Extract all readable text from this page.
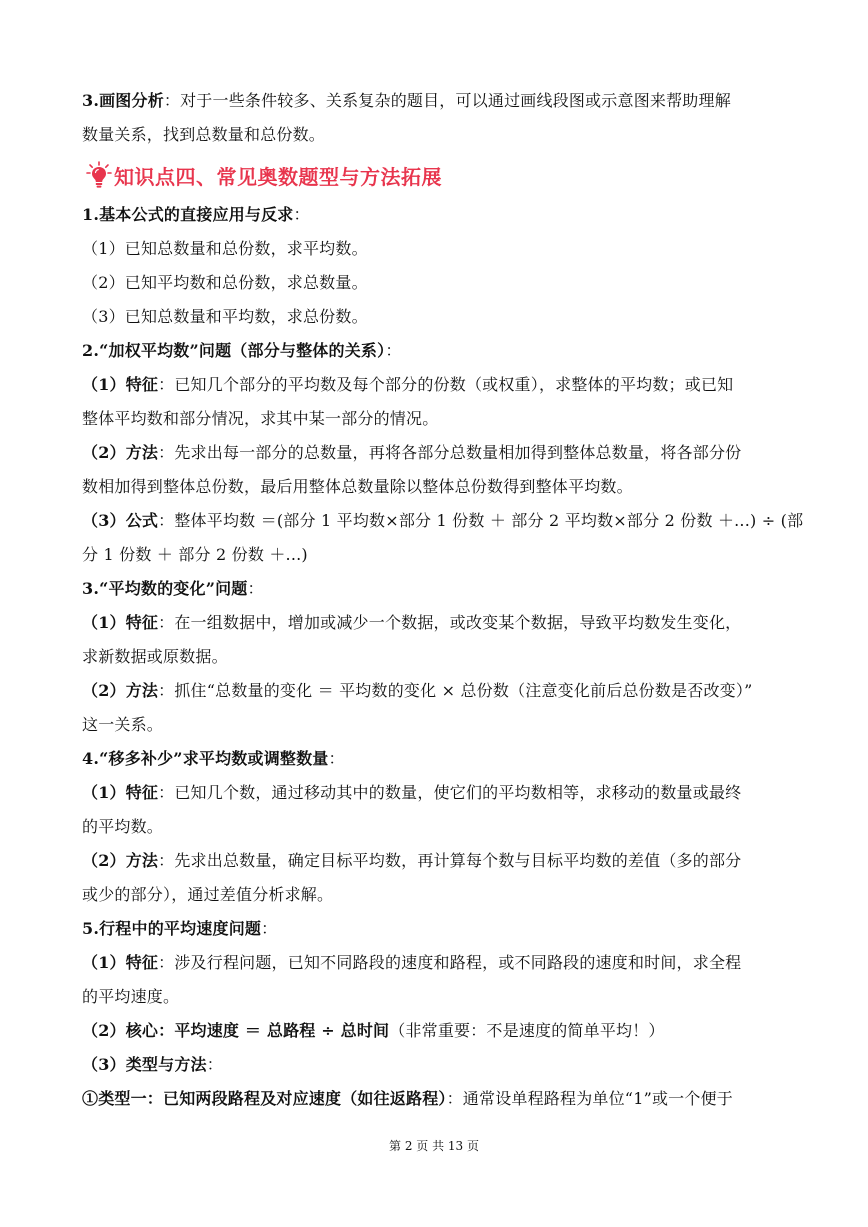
3.画图分析：对于一些条件较多、关系复杂的题目，可以通过画线段图或示意图来帮助理解
数量关系，找到总数量和总份数。
知识点四、常见奥数题型与方法拓展
1.基本公式的直接应用与反求：
（1）已知总数量和总份数，求平均数。
（2）已知平均数和总份数，求总数量。
（3）已知总数量和平均数，求总份数。
2.“加权平均数”问题（部分与整体的关系）：
（1）特征：已知几个部分的平均数及每个部分的份数（或权重），求整体的平均数；或已知
整体平均数和部分情况，求其中某一部分的情况。
（2）方法：先求出每一部分的总数量，再将各部分总数量相加得到整体总数量，将各部分份
数相加得到整体总份数，最后用整体总数量除以整体总份数得到整体平均数。
（3）公式：整体平均数 ＝(部分 1 平均数×部分 1 份数 ＋ 部分 2 平均数×部分 2 份数 ＋...) ÷ (部
分 1 份数 ＋ 部分 2 份数 ＋...)
3.“平均数的变化”问题：
（1）特征：在一组数据中，增加或减少一个数据，或改变某个数据，导致平均数发生变化，
求新数据或原数据。
（2）方法：抓住“总数量的变化 ＝ 平均数的变化 × 总份数（注意变化前后总份数是否改变）”
这一关系。
4.“移多补少”求平均数或调整数量：
（1）特征：已知几个数，通过移动其中的数量，使它们的平均数相等，求移动的数量或最终
的平均数。
（2）方法：先求出总数量，确定目标平均数，再计算每个数与目标平均数的差值（多的部分
或少的部分），通过差值分析求解。
5.行程中的平均速度问题：
（1）特征：涉及行程问题，已知不同路段的速度和路程，或不同路段的速度和时间，求全程
的平均速度。
（2）核心：平均速度 ＝ 总路程 ÷ 总时间（非常重要：不是速度的简单平均！）
（3）类型与方法：
①类型一：已知两段路程及对应速度（如往返路程）：通常设单程路程为单位“1”或一个便于
第 2 页 共 13 页
